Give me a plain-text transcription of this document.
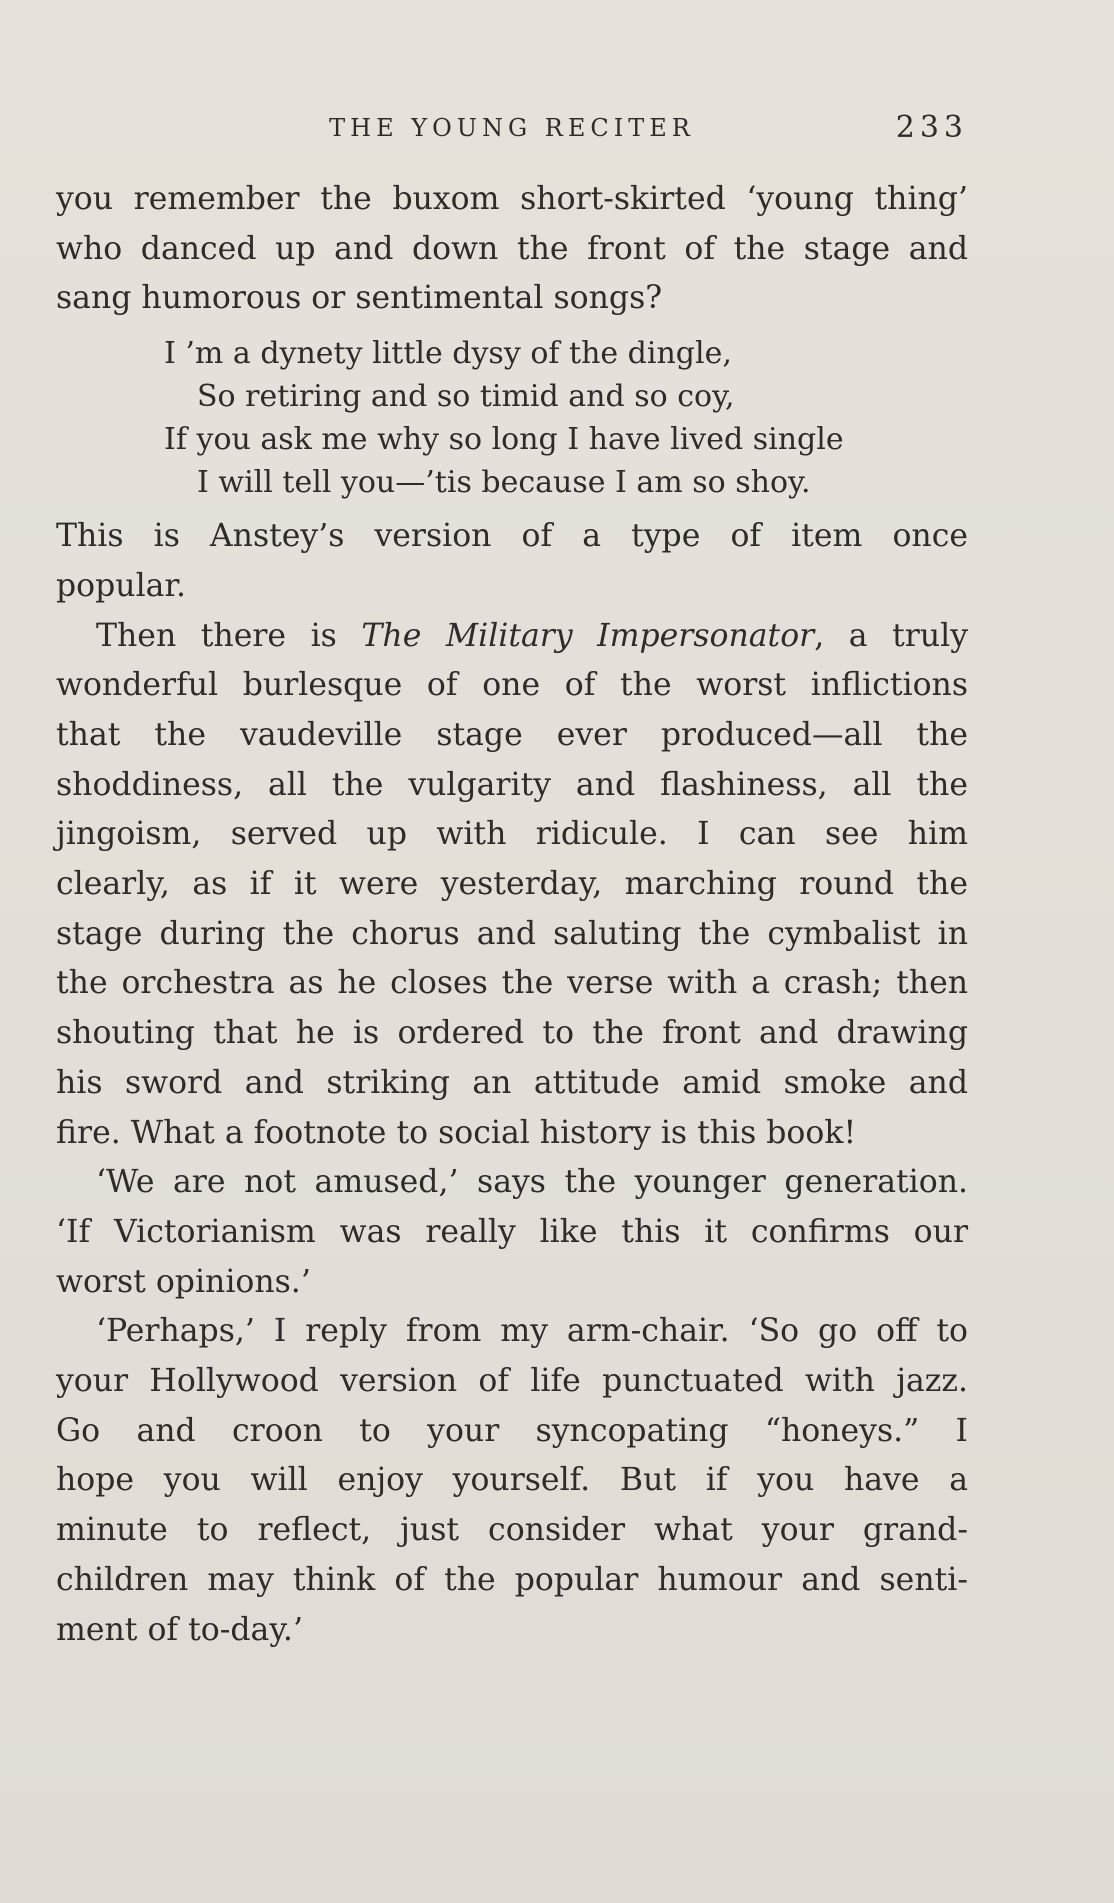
THE YOUNG RECITER	233
you remember the buxom short-skirted ‘young thing’
who danced up and down the front of the stage and
sang humorous or sentimental songs?
I ’m a dynety little dysy of the dingle,
So retiring and so timid and so coy,
If you ask me why so long I have lived single
I will tell you—’tis because I am so shoy.
This is Anstey’s version of a type of item once
popular.
Then there is The Military Impersonator, a truly
wonderful burlesque of one of the worst inflictions
that the vaudeville stage ever produced—all the
shoddiness, all the vulgarity and flashiness, all the
jingoism, served up with ridicule. I can see him
clearly, as if it were yesterday, marching round the
stage during the chorus and saluting the cymbalist in
the orchestra as he closes the verse with a crash; then
shouting that he is ordered to the front and drawing
his sword and striking an attitude amid smoke and
fire. What a footnote to social history is this book!
‘We are not amused,’ says the younger generation.
‘If Victorianism was really like this it confirms our
worst opinions.’
‘Perhaps,’ I reply from my arm-chair. ‘So go off to
your Hollywood version of life punctuated with jazz.
Go and croon to your syncopating “honeys.” I
hope you will enjoy yourself. But if you have a
minute to reflect, just consider what your grand-
children may think of the popular humour and senti-
ment of to-day.’
